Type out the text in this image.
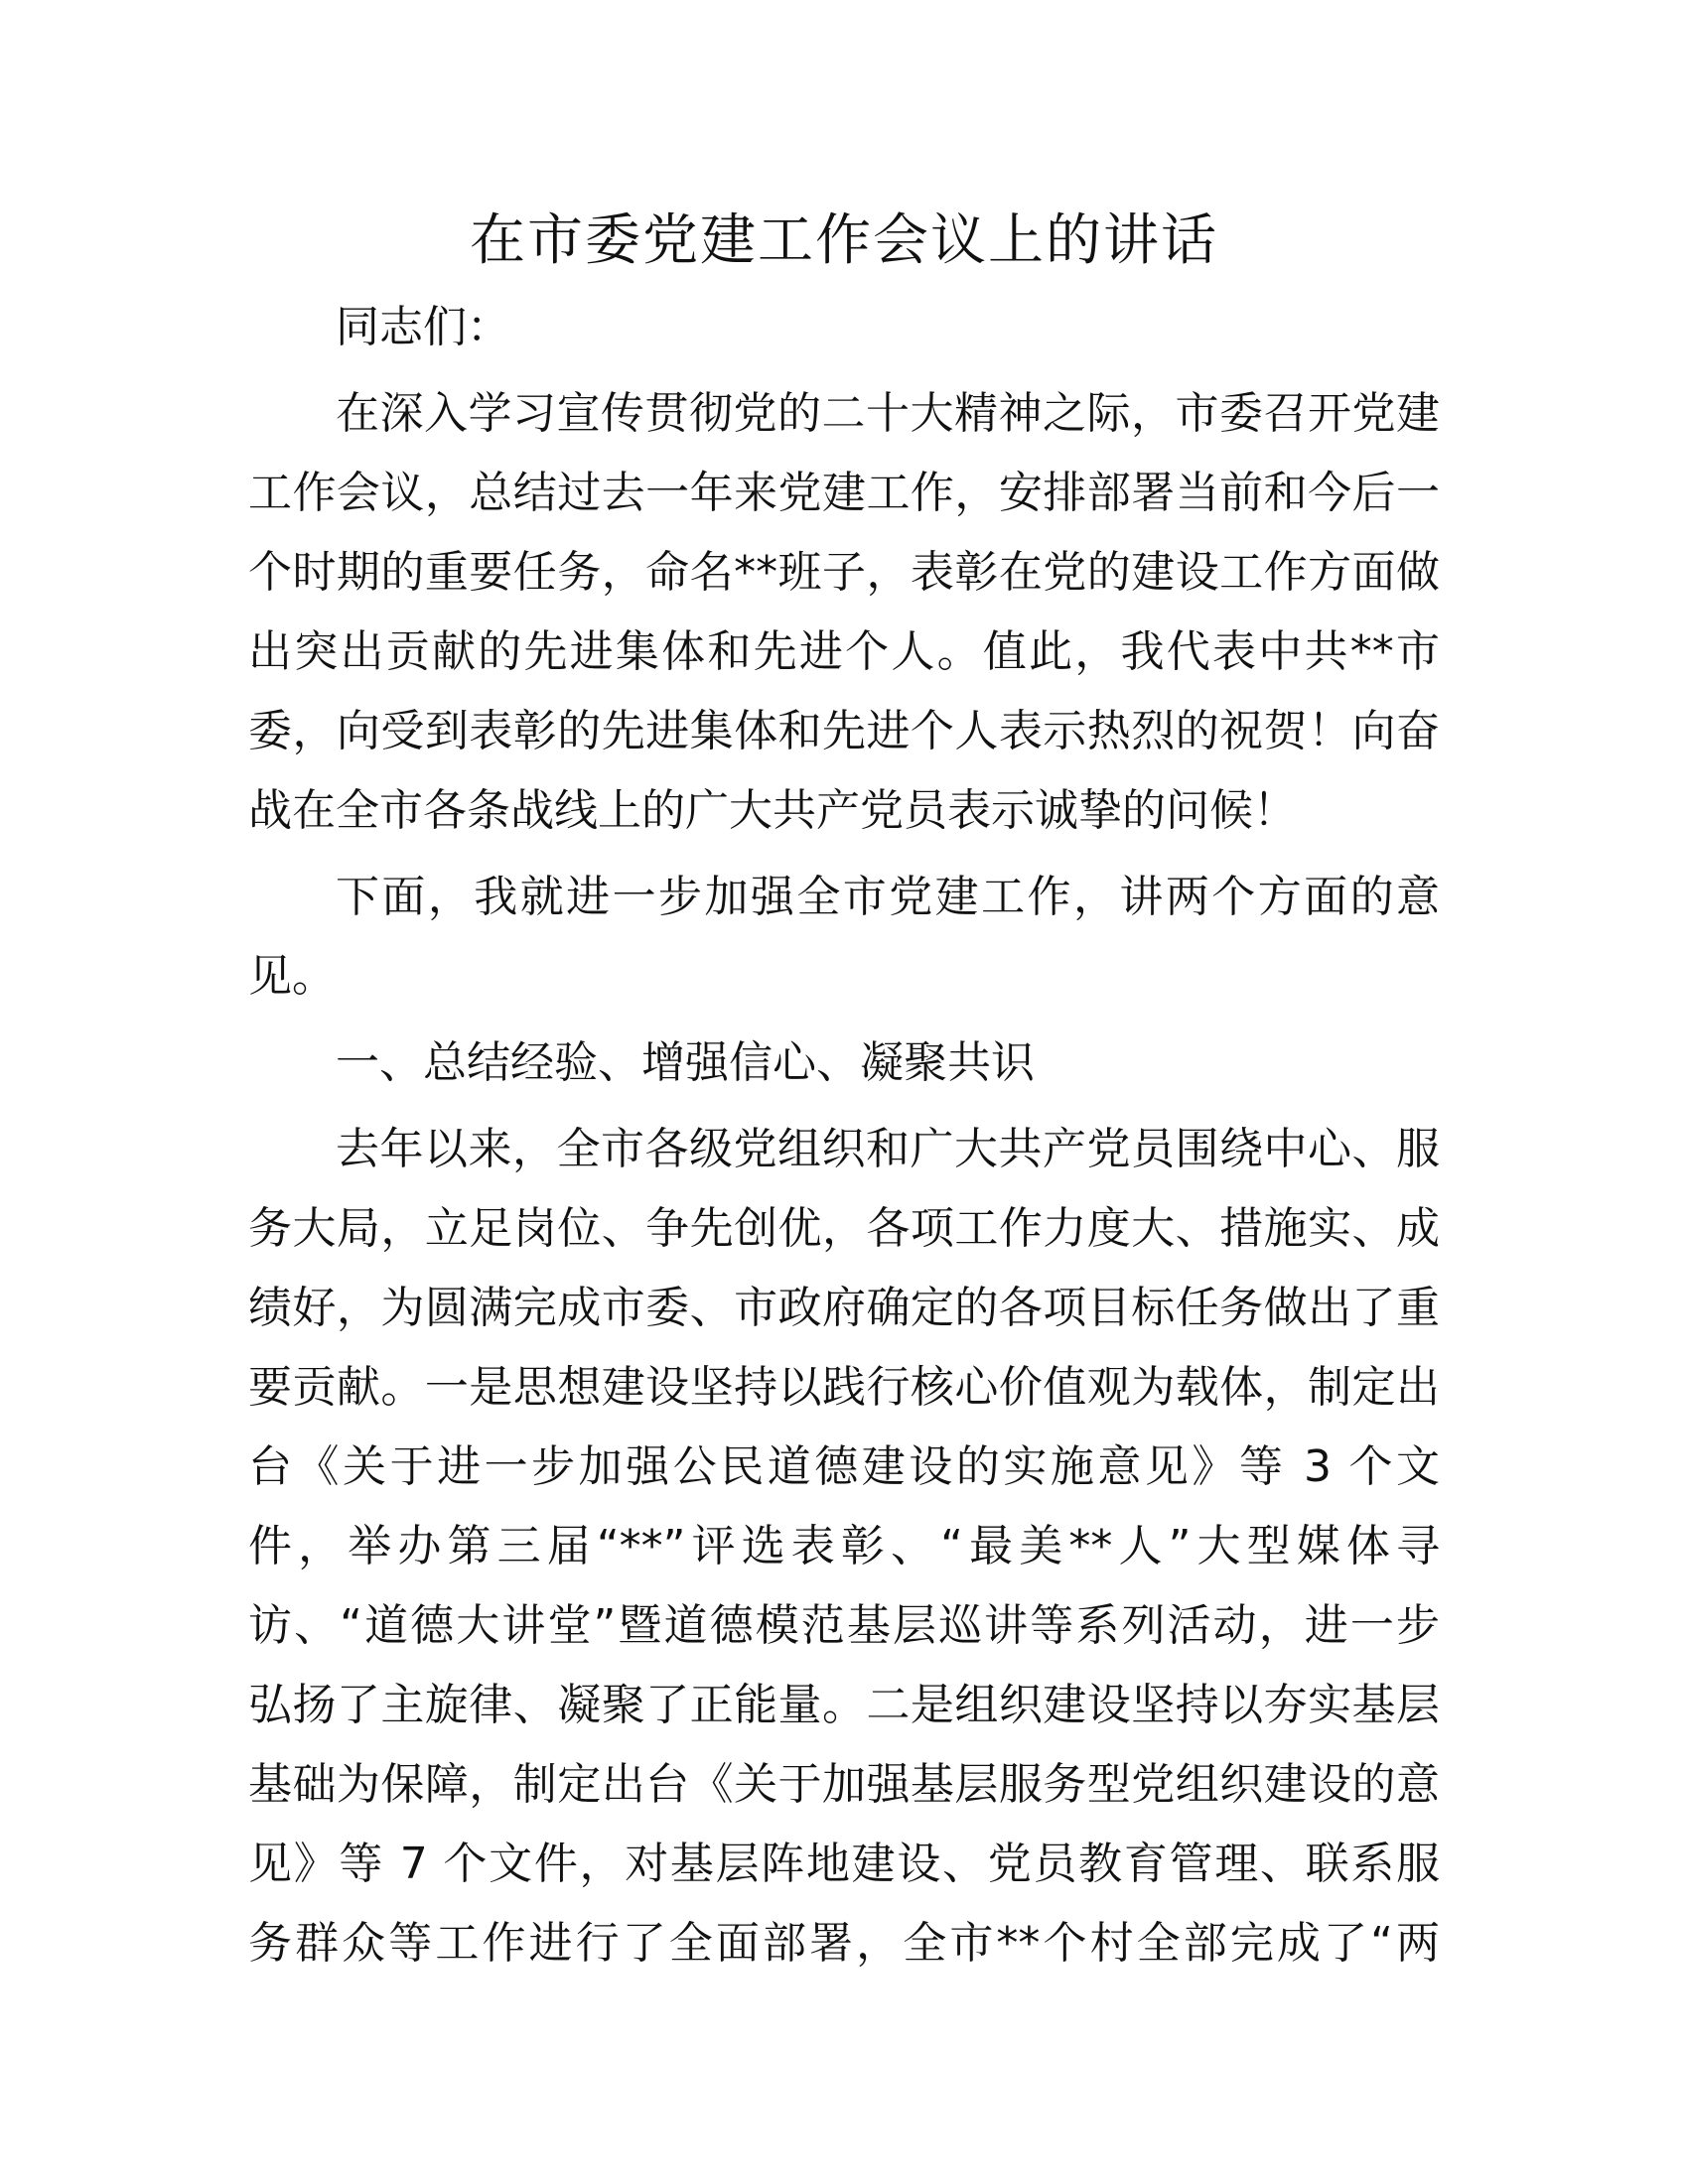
在市委党建工作会议上的讲话
同志们：
在深入学习宣传贯彻党的二十大精神之际，市委召开党建
工作会议，总结过去一年来党建工作，安排部署当前和今后一
个时期的重要任务，命名**班子，表彰在党的建设工作方面做
出突出贡献的先进集体和先进个人。值此，我代表中共**市
委，向受到表彰的先进集体和先进个人表示热烈的祝贺！向奋
战在全市各条战线上的广大共产党员表示诚挚的问候！
下面，我就进一步加强全市党建工作，讲两个方面的意
见。
一、总结经验、增强信心、凝聚共识
去年以来，全市各级党组织和广大共产党员围绕中心、服
务大局，立足岗位、争先创优，各项工作力度大、措施实、成
绩好，为圆满完成市委、市政府确定的各项目标任务做出了重
要贡献。一是思想建设坚持以践行核心价值观为载体，制定出
台《关于进一步加强公民道德建设的实施意见》等 3 个文
件，举办第三届“**”评选表彰、“最美**人”大型媒体寻
访、“道德大讲堂”暨道德模范基层巡讲等系列活动，进一步
弘扬了主旋律、凝聚了正能量。二是组织建设坚持以夯实基层
基础为保障，制定出台《关于加强基层服务型党组织建设的意
见》等 7 个文件，对基层阵地建设、党员教育管理、联系服
务群众等工作进行了全面部署，全市**个村全部完成了“两
